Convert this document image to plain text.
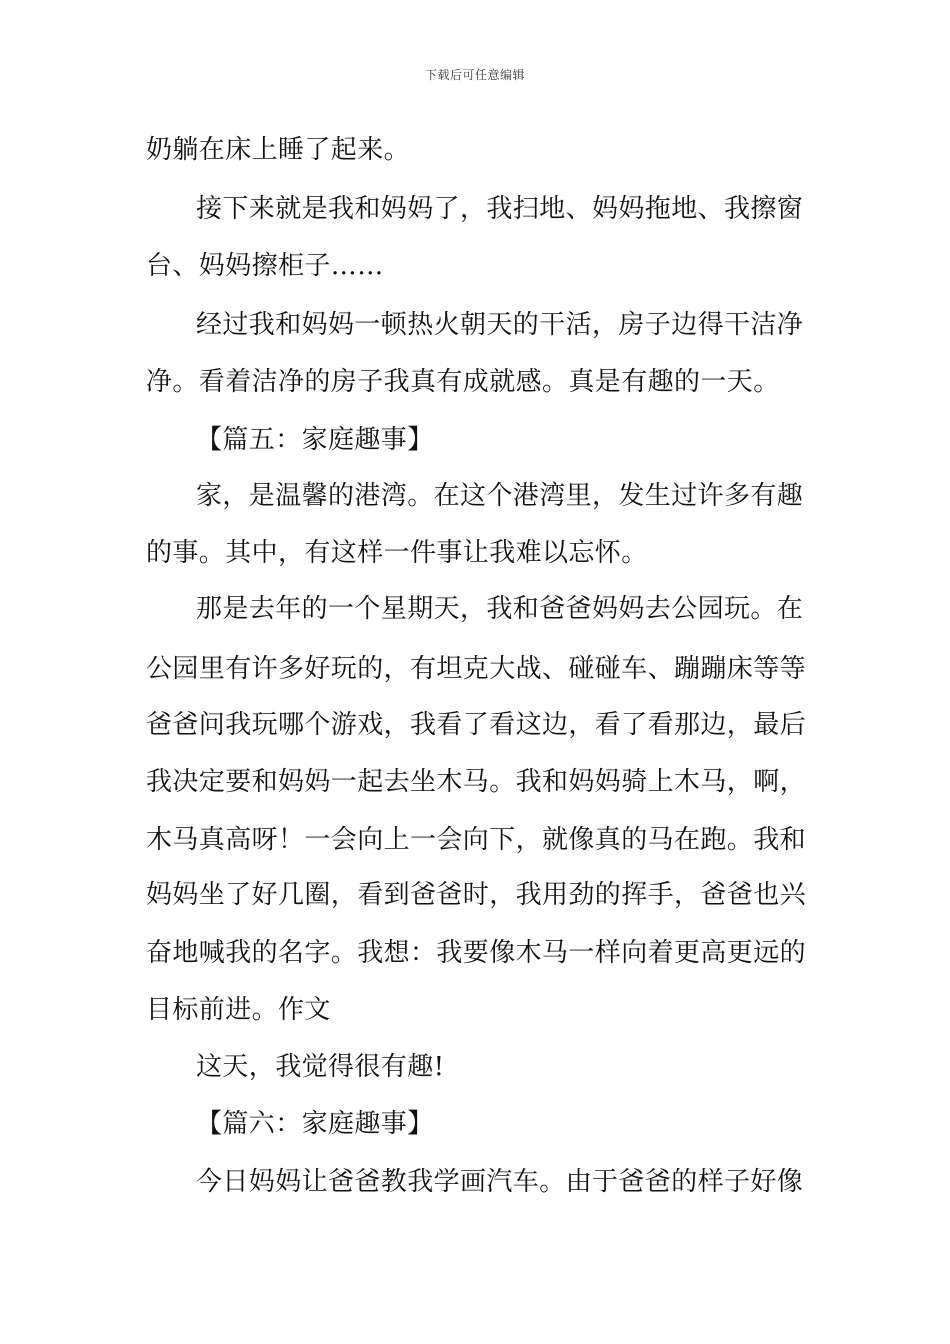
下载后可任意编辑
奶躺在床上睡了起来。
接下来就是我和妈妈了，我扫地、妈妈拖地、我擦窗
台、妈妈擦柜子……
经过我和妈妈一顿热火朝天的干活，房子边得干洁净
净。看着洁净的房子我真有成就感。真是有趣的一天。
【篇五：家庭趣事】
家，是温馨的港湾。在这个港湾里，发生过许多有趣
的事。其中，有这样一件事让我难以忘怀。
那是去年的一个星期天，我和爸爸妈妈去公园玩。在
公园里有许多好玩的，有坦克大战、碰碰车、蹦蹦床等等
爸爸问我玩哪个游戏，我看了看这边，看了看那边，最后
我决定要和妈妈一起去坐木马。我和妈妈骑上木马，啊，
木马真高呀！一会向上一会向下，就像真的马在跑。我和
妈妈坐了好几圈，看到爸爸时，我用劲的挥手，爸爸也兴
奋地喊我的名字。我想：我要像木马一样向着更高更远的
目标前进。作文
这天，我觉得很有趣!
【篇六：家庭趣事】
今日妈妈让爸爸教我学画汽车。由于爸爸的样子好像
